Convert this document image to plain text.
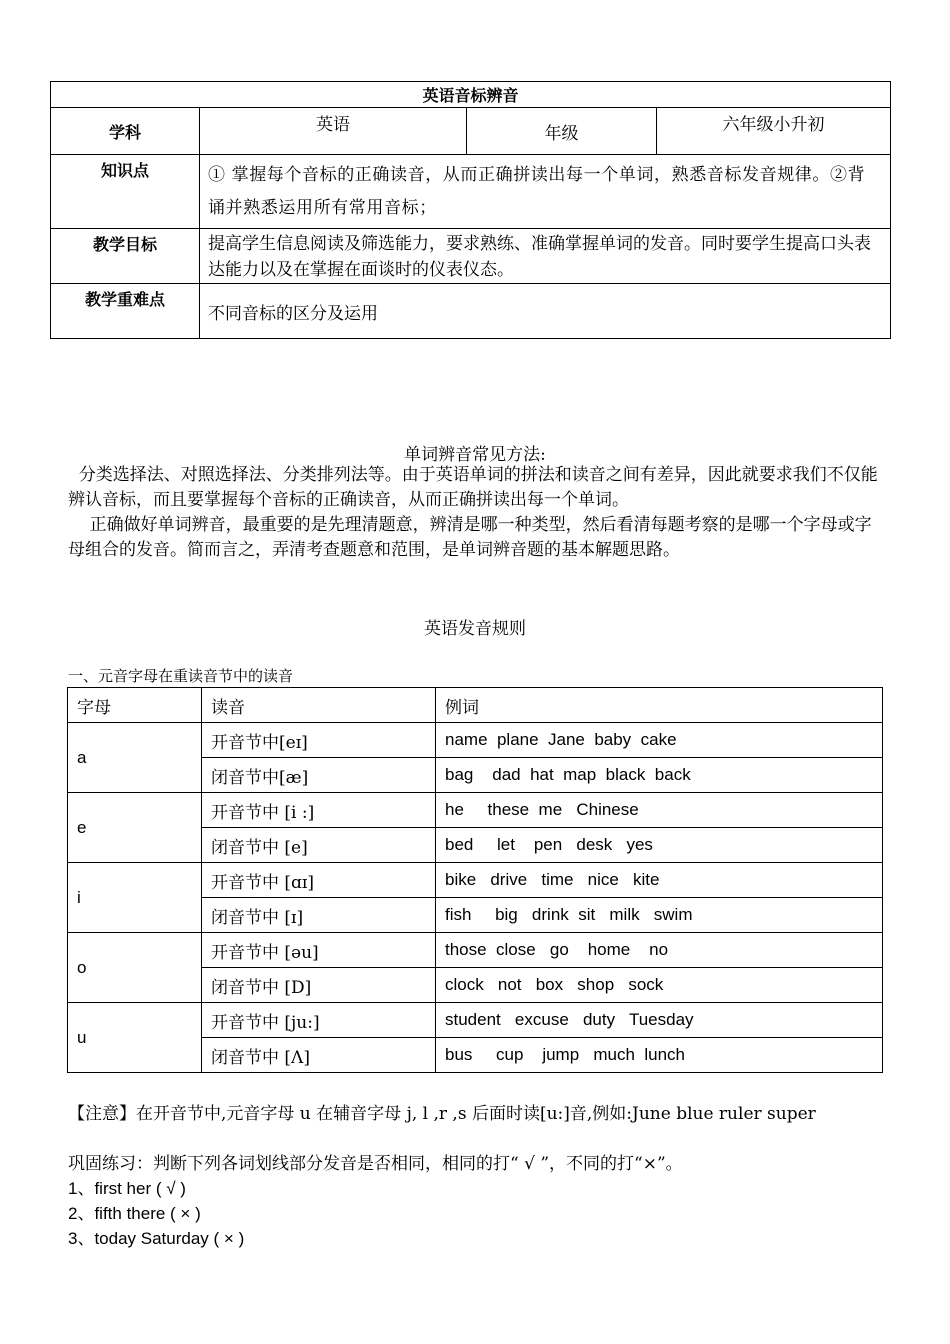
英语音标辨音			
学科	英语	年级	六年级小升初
知识点	① 掌握每个音标的正确读音，从而正确拼读出每一个单词，熟悉音标发音规律。②背诵并熟悉运用所有常用音标；		
教学目标	提高学生信息阅读及筛选能力，要求熟练、准确掌握单词的发音。同时要学生提高口头表达能力以及在掌握在面谈时的仪表仪态。		
教学重难点	不同音标的区分及运用		
单词辨音常见方法:
分类选择法、对照选择法、分类排列法等。由于英语单词的拼法和读音之间有差异，因此就要求我们不仅能辨认音标，而且要掌握每个音标的正确读音，从而正确拼读出每一个单词。
正确做好单词辨音，最重要的是先理清题意，辨清是哪一种类型，然后看清每题考察的是哪一个字母或字母组合的发音。简而言之，弄清考查题意和范围，是单词辨音题的基本解题思路。
英语发音规则
一、元音字母在重读音节中的读音
字母	读音	例词
a	开音节中[eɪ]	name  plane  Jane  baby  cake
	闭音节中[æ]	bag    dad  hat  map  black  back
e	开音节中 [i :]	he     these  me   Chinese
	闭音节中 [e]	bed     let    pen   desk   yes
i	开音节中 [ɑɪ]	bike   drive   time   nice   kite
	闭音节中 [ɪ]	fish     big   drink  sit   milk   swim
o	开音节中 [əu]	those  close   go    home    no
	闭音节中 [D]	clock   not   box   shop   sock
u	开音节中 [ju:]	student   excuse   duty   Tuesday
	闭音节中 [Λ]	bus     cup    jump   much  lunch
【注意】在开音节中,元音字母 u 在辅音字母 j, l ,r ,s 后面时读[u:]音,例如:June blue ruler super
巩固练习：判断下列各词划线部分发音是否相同，相同的打“ √ ”，不同的打“×”。
1、first her ( √ )
2、fifth there ( × )
3、today Saturday ( × )
